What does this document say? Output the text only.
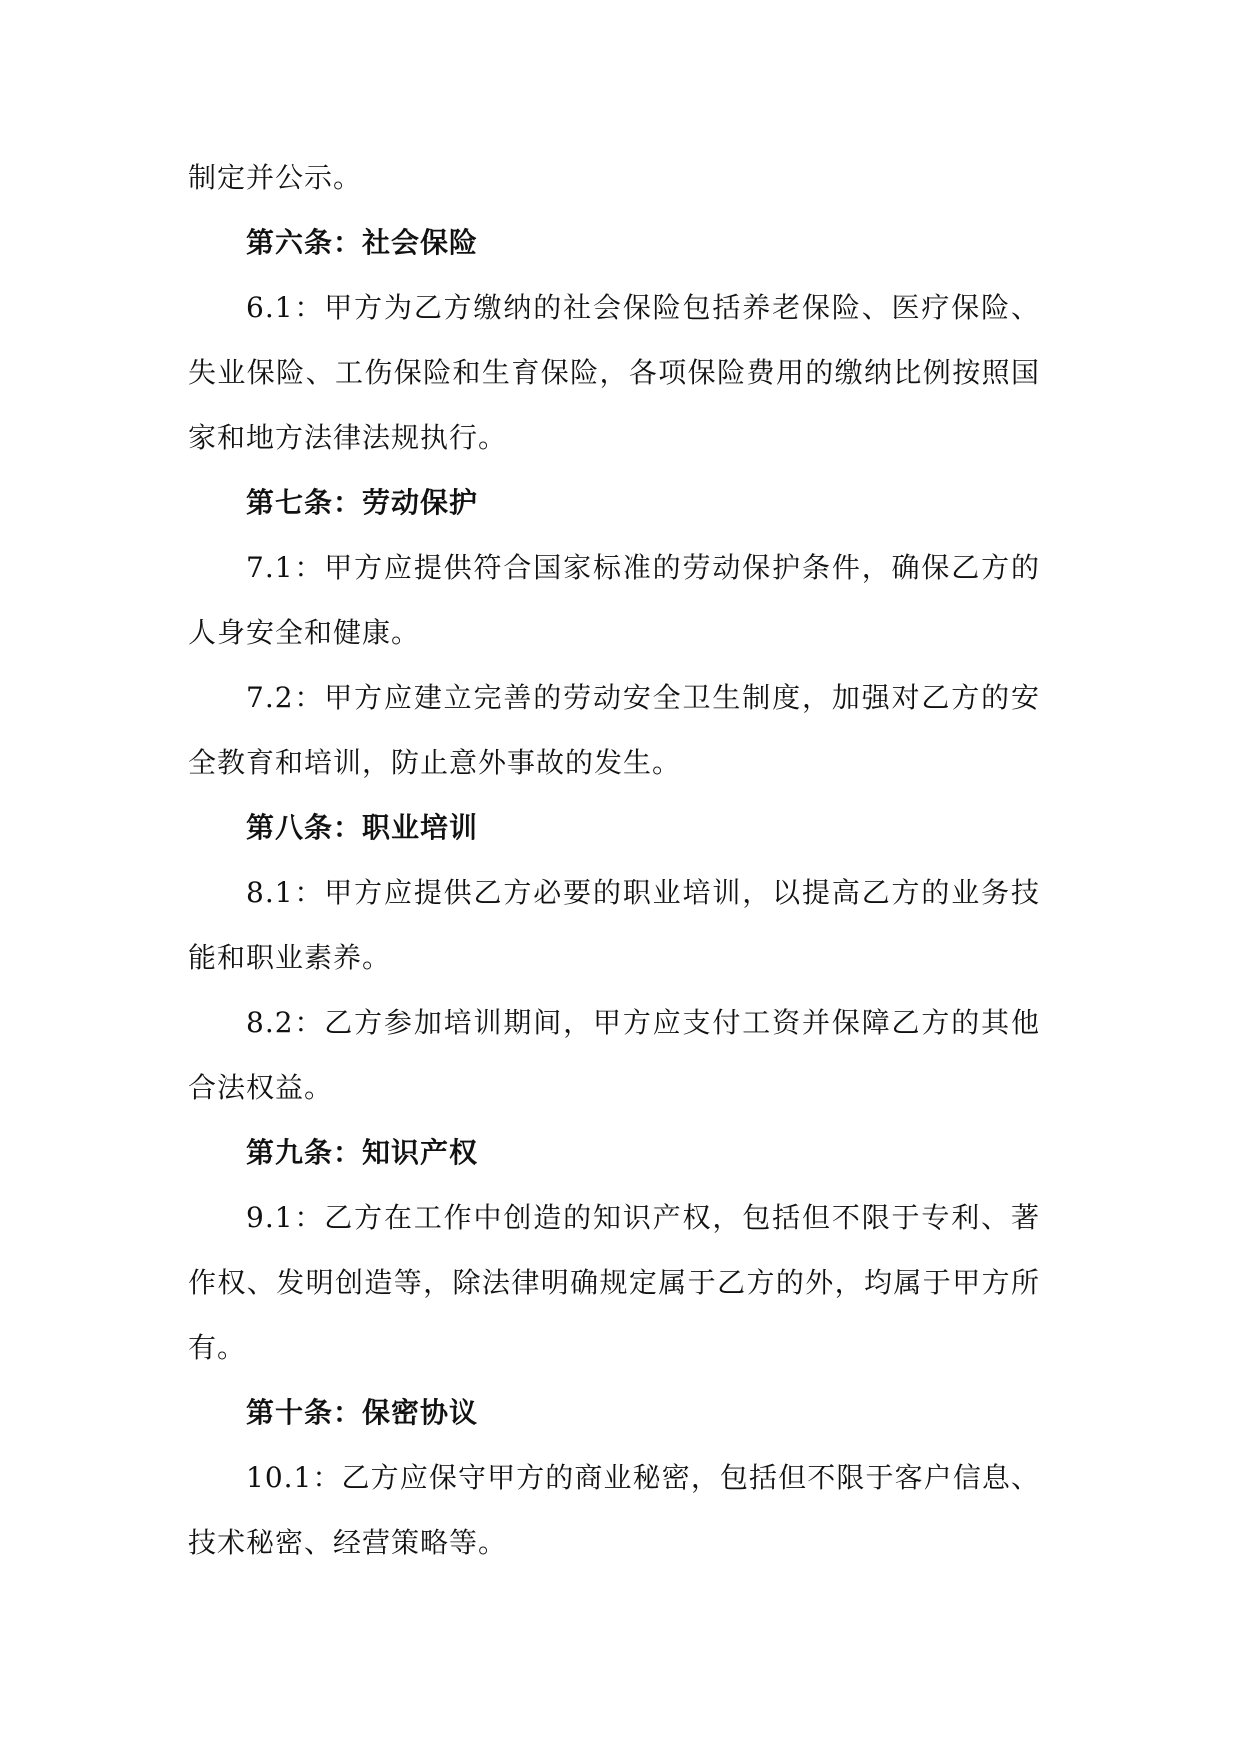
制定并公示。

第六条：社会保险

6.1：甲方为乙方缴纳的社会保险包括养老保险、医疗保险、失业保险、工伤保险和生育保险，各项保险费用的缴纳比例按照国家和地方法律法规执行。

第七条：劳动保护

7.1：甲方应提供符合国家标准的劳动保护条件，确保乙方的人身安全和健康。

7.2：甲方应建立完善的劳动安全卫生制度，加强对乙方的安全教育和培训，防止意外事故的发生。

第八条：职业培训

8.1：甲方应提供乙方必要的职业培训，以提高乙方的业务技能和职业素养。

8.2：乙方参加培训期间，甲方应支付工资并保障乙方的其他合法权益。

第九条：知识产权

9.1：乙方在工作中创造的知识产权，包括但不限于专利、著作权、发明创造等，除法律明确规定属于乙方的外，均属于甲方所有。

第十条：保密协议

10.1：乙方应保守甲方的商业秘密，包括但不限于客户信息、技术秘密、经营策略等。
